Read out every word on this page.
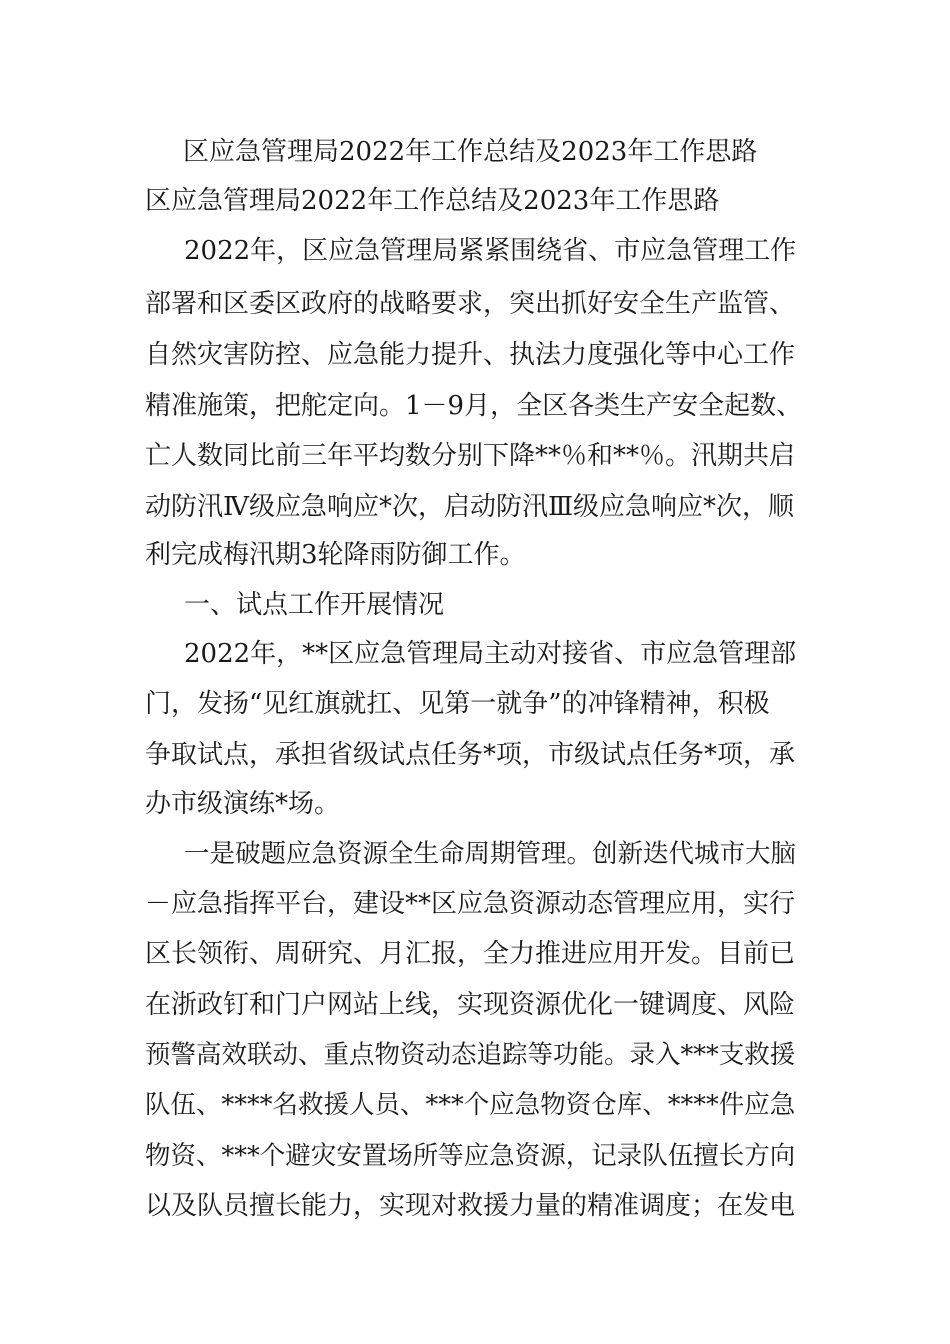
区应急管理局2022年工作总结及2023年工作思路
区应急管理局2022年工作总结及2023年工作思路
2022年，区应急管理局紧紧围绕省、市应急管理工作
部署和区委区政府的战略要求，突出抓好安全生产监管、
自然灾害防控、应急能力提升、执法力度强化等中心工作
精准施策，把舵定向。1－9月，全区各类生产安全起数、
亡人数同比前三年平均数分别下降**％和**％。汛期共启
动防汛Ⅳ级应急响应*次，启动防汛Ⅲ级应急响应*次，顺
利完成梅汛期3轮降雨防御工作。
一、试点工作开展情况
2022年，**区应急管理局主动对接省、市应急管理部
门，发扬“见红旗就扛、见第一就争”的冲锋精神，积极
争取试点，承担省级试点任务*项，市级试点任务*项，承
办市级演练*场。
一是破题应急资源全生命周期管理。创新迭代城市大脑
－应急指挥平台，建设**区应急资源动态管理应用，实行
区长领衔、周研究、月汇报，全力推进应用开发。目前已
在浙政钉和门户网站上线，实现资源优化一键调度、风险
预警高效联动、重点物资动态追踪等功能。录入***支救援
队伍、****名救援人员、***个应急物资仓库、****件应急
物资、***个避灾安置场所等应急资源，记录队伍擅长方向
以及队员擅长能力，实现对救援力量的精准调度；在发电
